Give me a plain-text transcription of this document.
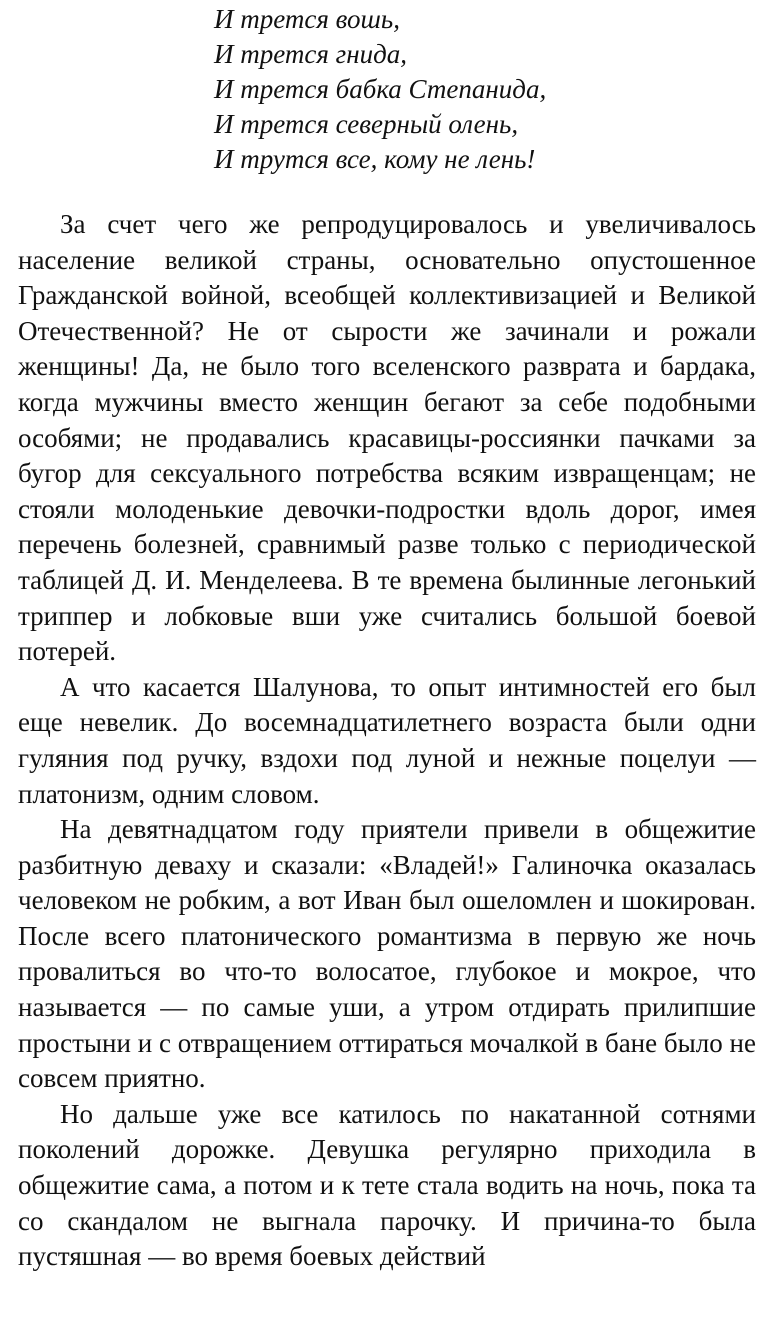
И трется вошь,
И трется гнида,
И трется бабка Степанида,
И трется северный олень,
И трутся все, кому не лень!

За счет чего же репродуцировалось и увеличивалось население великой страны, основательно опустошенное Гражданской войной, всеобщей коллективизацией и Великой Отечественной? Не от сырости же зачинали и рожали женщины! Да, не было того вселенского разврата и бардака, когда мужчины вместо женщин бегают за себе подобными особями; не продавались красавицы-россиянки пачками за бугор для сексуального потребства всяким извращенцам; не стояли молоденькие девочки-подростки вдоль дорог, имея перечень болезней, сравнимый разве только с периодической таблицей Д. И. Менделеева. В те времена былинные легонький триппер и лобковые вши уже считались большой боевой потерей.

А что касается Шалунова, то опыт интимностей его был еще невелик. До восемнадцатилетнего возраста были одни гуляния под ручку, вздохи под луной и нежные поцелуи — платонизм, одним словом.

На девятнадцатом году приятели привели в общежитие разбитную деваху и сказали: «Владей!» Галиночка оказалась человеком не робким, а вот Иван был ошеломлен и шокирован. После всего платонического романтизма в первую же ночь провалиться во что-то волосатое, глубокое и мокрое, что называется — по самые уши, а утром отдирать прилипшие простыни и с отвращением оттираться мочалкой в бане было не совсем приятно.

Но дальше уже все катилось по накатанной сотнями поколений дорожке. Девушка регулярно приходила в общежитие сама, а потом и к тете стала водить на ночь, пока та со скандалом не выгнала парочку. И причина-то была пустяшная — во время боевых действий
